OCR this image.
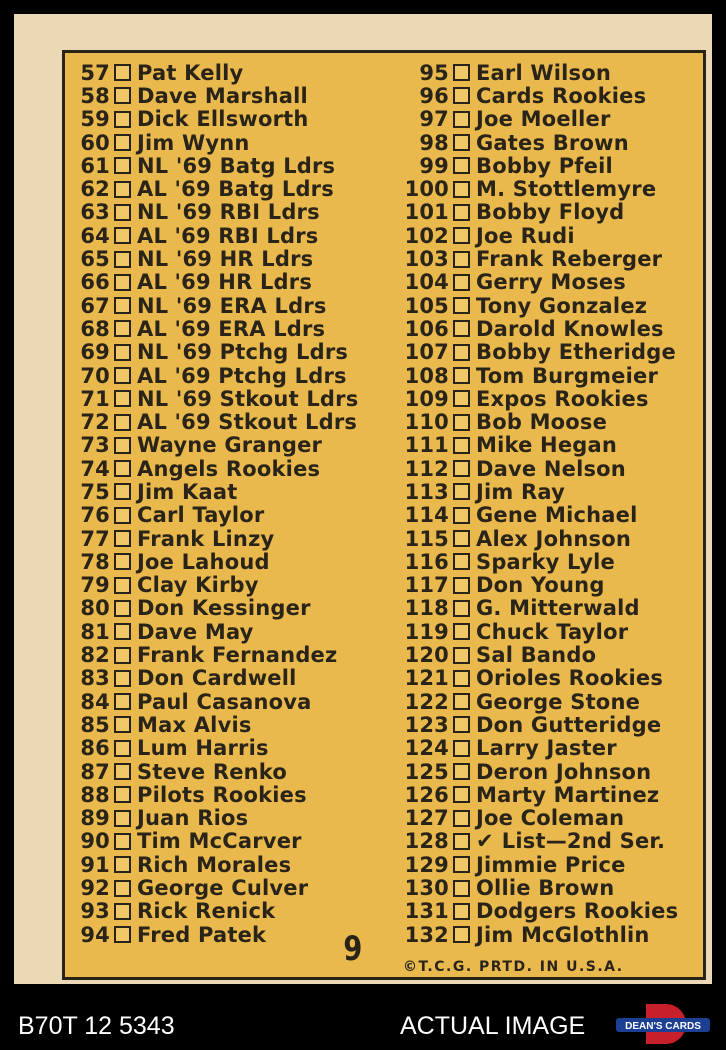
57 Pat Kelly
58 Dave Marshall
59 Dick Ellsworth
60 Jim Wynn
61 NL '69 Batg Ldrs
62 AL '69 Batg Ldrs
63 NL '69 RBI Ldrs
64 AL '69 RBI Ldrs
65 NL '69 HR Ldrs
66 AL '69 HR Ldrs
67 NL '69 ERA Ldrs
68 AL '69 ERA Ldrs
69 NL '69 Ptchg Ldrs
70 AL '69 Ptchg Ldrs
71 NL '69 Stkout Ldrs
72 AL '69 Stkout Ldrs
73 Wayne Granger
74 Angels Rookies
75 Jim Kaat
76 Carl Taylor
77 Frank Linzy
78 Joe Lahoud
79 Clay Kirby
80 Don Kessinger
81 Dave May
82 Frank Fernandez
83 Don Cardwell
84 Paul Casanova
85 Max Alvis
86 Lum Harris
87 Steve Renko
88 Pilots Rookies
89 Juan Rios
90 Tim McCarver
91 Rich Morales
92 George Culver
93 Rick Renick
94 Fred Patek
95 Earl Wilson
96 Cards Rookies
97 Joe Moeller
98 Gates Brown
99 Bobby Pfeil
100 M. Stottlemyre
101 Bobby Floyd
102 Joe Rudi
103 Frank Reberger
104 Gerry Moses
105 Tony Gonzalez
106 Darold Knowles
107 Bobby Etheridge
108 Tom Burgmeier
109 Expos Rookies
110 Bob Moose
111 Mike Hegan
112 Dave Nelson
113 Jim Ray
114 Gene Michael
115 Alex Johnson
116 Sparky Lyle
117 Don Young
118 G. Mitterwald
119 Chuck Taylor
120 Sal Bando
121 Orioles Rookies
122 George Stone
123 Don Gutteridge
124 Larry Jaster
125 Deron Johnson
126 Marty Martinez
127 Joe Coleman
128 ✔ List—2nd Ser.
129 Jimmie Price
130 Ollie Brown
131 Dodgers Rookies
132 Jim McGlothlin
9	©T.C.G. PRTD. IN U.S.A.
B70T 12 5343	ACTUAL IMAGE	DEAN'S CARDS
